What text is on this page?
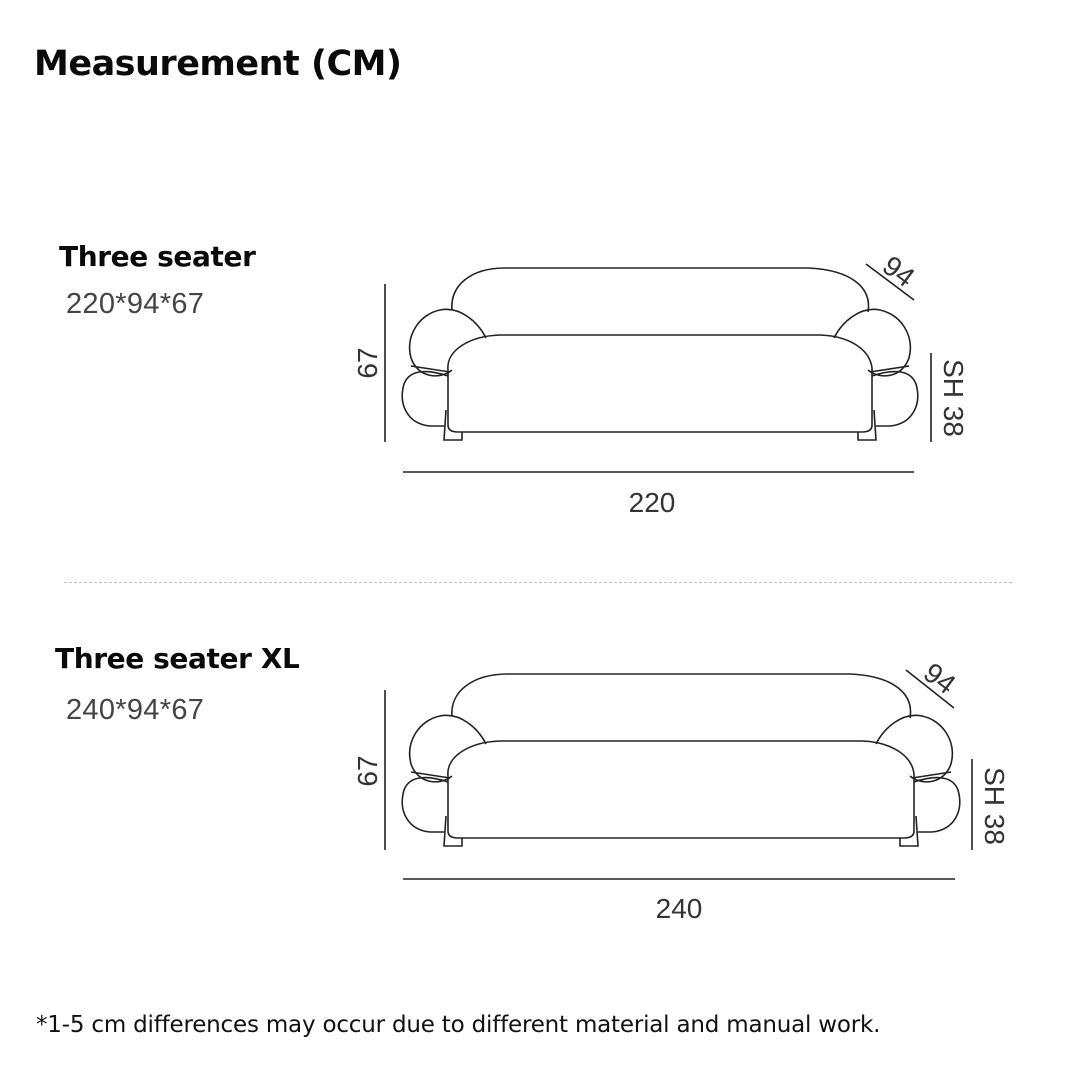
Measurement (CM)
Three seater
220*94*67
67
94
SH 38
220
Three seater XL
240*94*67
67
94
SH 38
240
*1-5 cm differences may occur due to different material and manual work.
